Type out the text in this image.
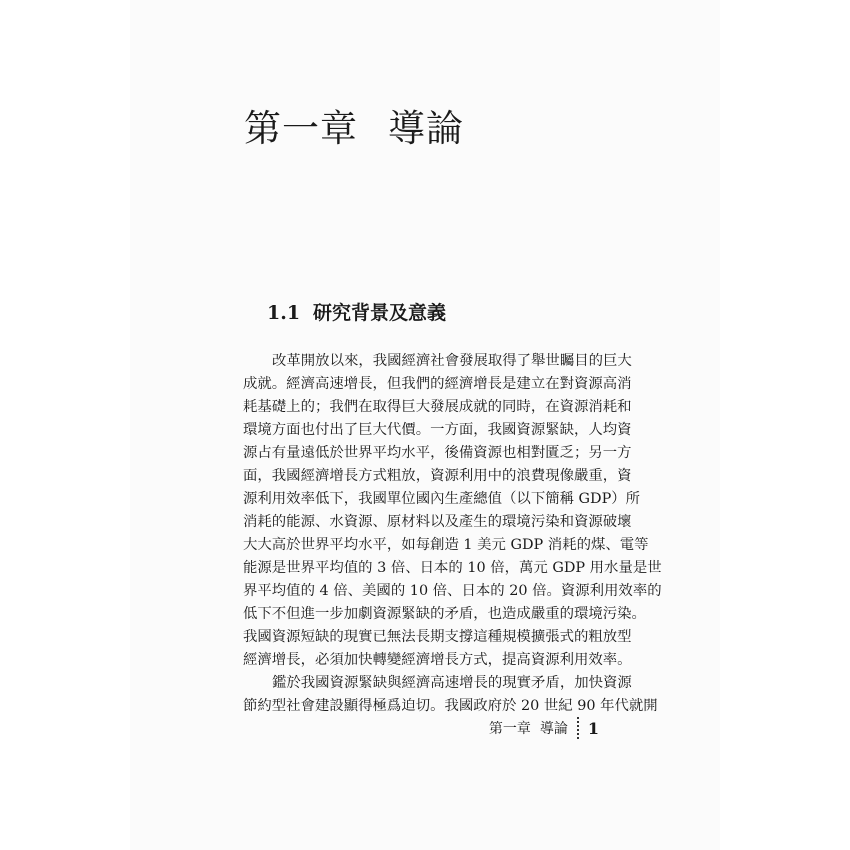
第一章 導論
1.1 研究背景及意義
改革開放以來，我國經濟社會發展取得了舉世矚目的巨大
成就。經濟高速增長，但我們的經濟增長是建立在對資源高消
耗基礎上的；我們在取得巨大發展成就的同時，在資源消耗和
環境方面也付出了巨大代價。一方面，我國資源緊缺，人均資
源占有量遠低於世界平均水平，後備資源也相對匱乏；另一方
面，我國經濟增長方式粗放，資源利用中的浪費現像嚴重，資
源利用效率低下，我國單位國內生產總值（以下簡稱 GDP）所
消耗的能源、水資源、原材料以及產生的環境污染和資源破壞
大大高於世界平均水平，如每創造 1 美元 GDP 消耗的煤、電等
能源是世界平均值的 3 倍、日本的 10 倍，萬元 GDP 用水量是世
界平均值的 4 倍、美國的 10 倍、日本的 20 倍。資源利用效率的
低下不但進一步加劇資源緊缺的矛盾，也造成嚴重的環境污染。
我國資源短缺的現實已無法長期支撐這種規模擴張式的粗放型
經濟增長，必須加快轉變經濟增長方式，提高資源利用效率。
鑑於我國資源緊缺與經濟高速增長的現實矛盾，加快資源
節約型社會建設顯得極爲迫切。我國政府於 20 世紀 90 年代就開
第一章 導論 1
